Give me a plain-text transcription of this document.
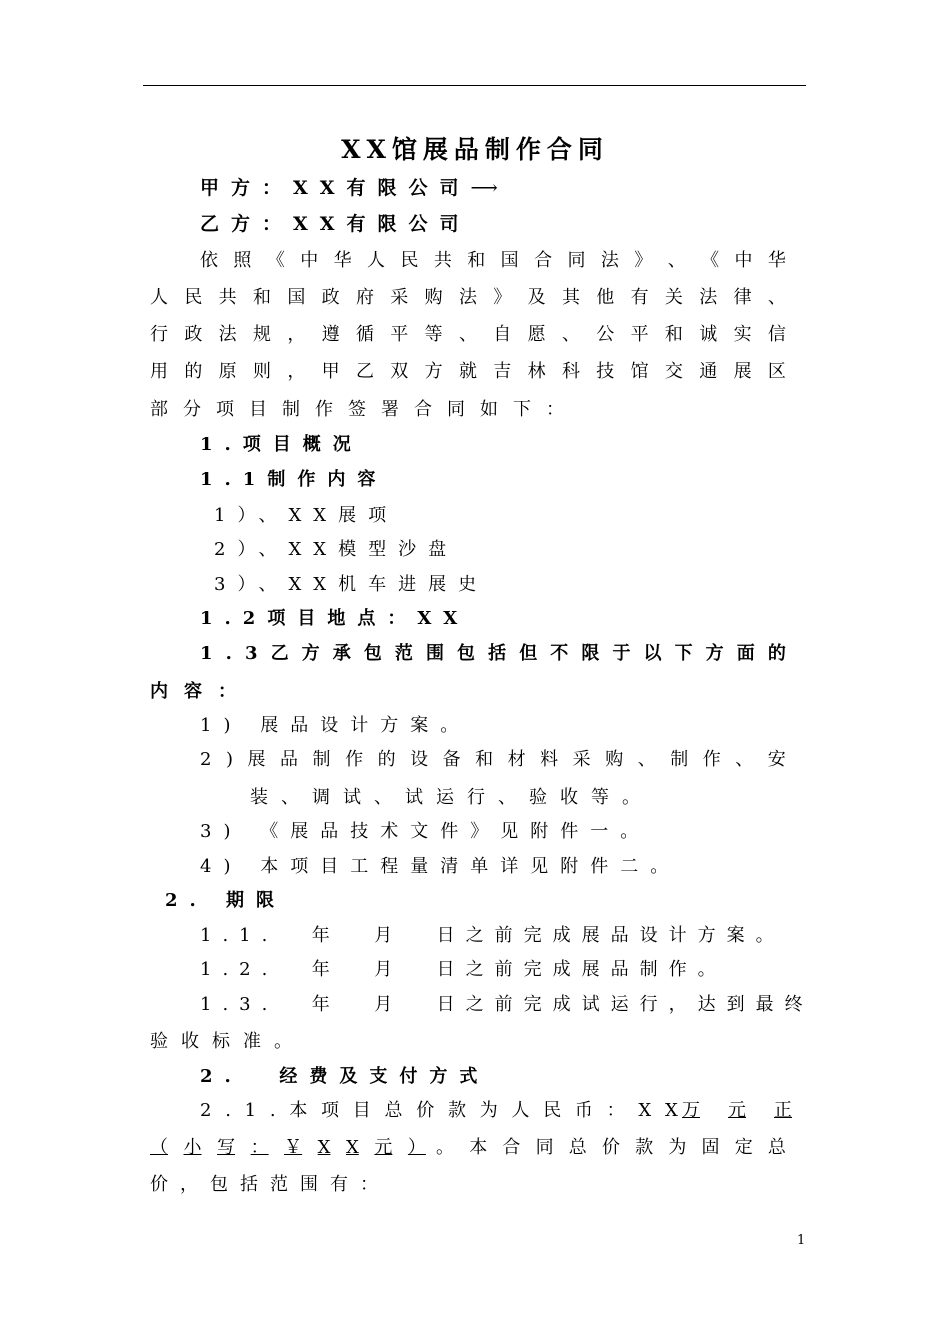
XX馆展品制作合同
甲方：XX有限公司⟶
乙方：XX有限公司
依 照 《 中 华 人 民 共 和 国 合 同 法 》 、 《 中 华
人 民 共 和 国 政 府 采 购 法 》 及 其 他 有 关 法 律 、
行 政 法 规 ， 遵 循 平 等 、 自 愿 、 公 平 和 诚 实 信
用 的 原 则 ， 甲 乙 双 方 就 吉 林 科 技 馆 交 通 展 区
部分项目制作签署合同如下：
1.项目概况
1.1制作内容
1）、XX展项
2）、XX模型沙盘
3）、XX机车进展史
1.2项目地点：XX
1 . 3 乙 方 承 包 范 围 包 括 但 不 限 于 以 下 方 面 的
内容：
1) 展品设计方案。
2 ) 展 品 制 作 的 设 备 和 材 料 采 购 、 制 作 、 安
装、调试、试运行、验收等。
3) 《展品技术文件》见附件一。
4) 本项目工程量清单详见附件二。
2. 期限
1.1.  年  月  日之前完成展品设计方案。
1.2.  年  月  日之前完成展品制作。
1.3.  年  月  日之前完成试运行，达到最终
验收标准。
2.  经费及支付方式
2 . 1 . 本 项 目 总 价 款 为 人 民 币 ： X X 万 元 正
（ 小 写 ： ￥ X X 元 ） 。 本 合 同 总 价 款 为 固 定 总
价，包括范围有：
1
